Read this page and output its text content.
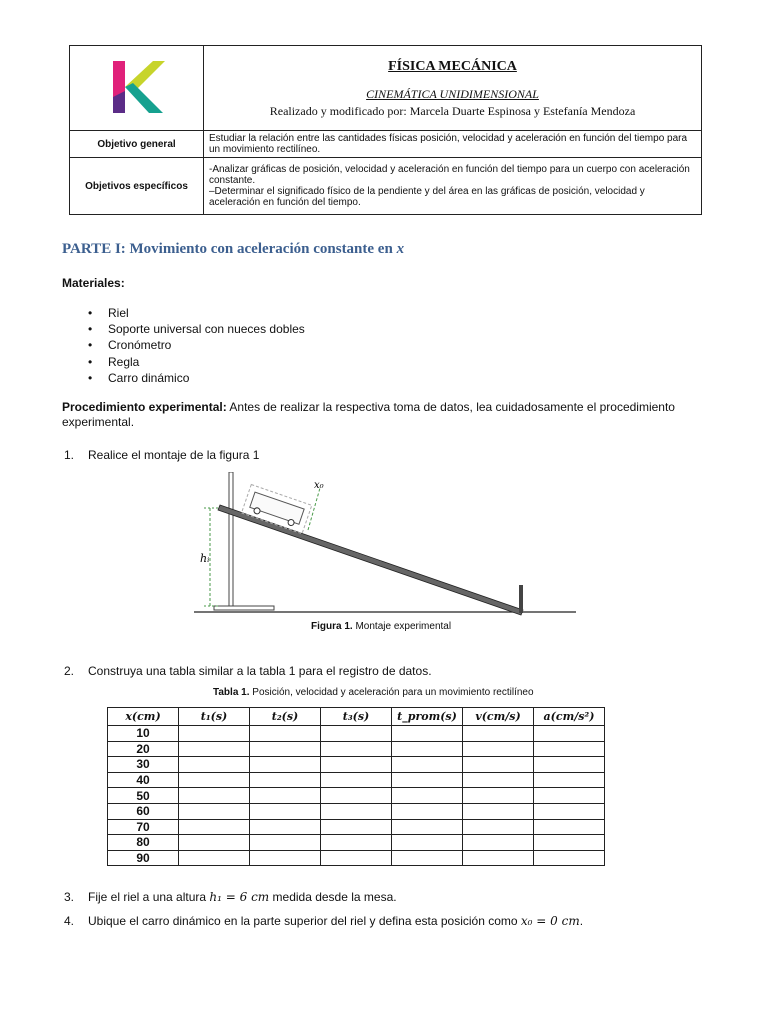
FÍSICA MECÁNICA
CINEMÁTICA UNIDIMENSIONAL
Realizado y modificado por: Marcela Duarte Espinosa y Estefanía Mendoza

Objetivo general	Estudiar la relación entre las cantidades físicas posición, velocidad y aceleración en función del tiempo para un movimiento rectilíneo.
Objetivos específicos	-Analizar gráficas de posición, velocidad y aceleración en función del tiempo para un cuerpo con aceleración constante.
–Determinar el significado físico de la pendiente y del área en las gráficas de posición, velocidad y aceleración en función del tiempo.
PARTE I: Movimiento con aceleración constante en x
Materiales:
• Riel
• Soporte universal con nueces dobles
• Cronómetro
• Regla
• Carro dinámico
Procedimiento experimental: Antes de realizar la respectiva toma de datos, lea cuidadosamente el procedimiento
experimental.
1. Realice el montaje de la figura 1
hᵢ
x₀
Figura 1. Montaje experimental
2. Construya una tabla similar a la tabla 1 para el registro de datos.
Tabla 1. Posición, velocidad y aceleración para un movimiento rectilíneo
x(cm)	t₁(s)	t₂(s)	t₃(s)	t_prom(s)	v(cm/s)	a(cm/s²)
10						
20						
30						
40						
50						
60						
70						
80						
90						
3. Fije el riel a una altura h₁ = 6 cm medida desde la mesa.
4. Ubique el carro dinámico en la parte superior del riel y defina esta posición como x₀ = 0 cm.
